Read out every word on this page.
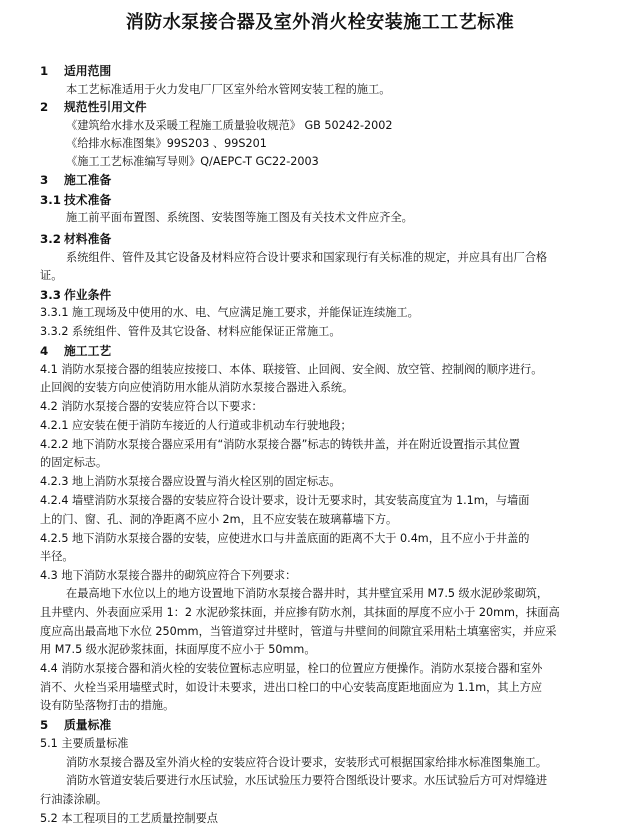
消防水泵接合器及室外消火栓安装施工工艺标准
1 适用范围
本工艺标准适用于火力发电厂厂区室外给水管网安装工程的施工。
2 规范性引用文件
《建筑给水排水及采暖工程施工质量验收规范》 GB 50242-2002
《给排水标准图集》99S203 、99S201
《施工工艺标准编写导则》Q/AEPC-T GC22-2003
3 施工准备
3.1 技术准备
施工前平面布置图、系统图、安装图等施工图及有关技术文件应齐全。
3.2 材料准备
系统组件、管件及其它设备及材料应符合设计要求和国家现行有关标准的规定，并应具有出厂合格
证。
3.3 作业条件
3.3.1 施工现场及中使用的水、电、气应满足施工要求，并能保证连续施工。
3.3.2 系统组件、管件及其它设备、材料应能保证正常施工。
4 施工工艺
4.1 消防水泵接合器的组装应按接口、本体、联接管、止回阀、安全阀、放空管、控制阀的顺序进行。
止回阀的安装方向应使消防用水能从消防水泵接合器进入系统。
4.2 消防水泵接合器的安装应符合以下要求：
4.2.1 应安装在便于消防车接近的人行道或非机动车行驶地段；
4.2.2 地下消防水泵接合器应采用有“消防水泵接合器”标志的铸铁井盖，并在附近设置指示其位置
的固定标志。
4.2.3 地上消防水泵接合器应设置与消火栓区别的固定标志。
4.2.4 墙壁消防水泵接合器的安装应符合设计要求，设计无要求时，其安装高度宜为 1.1m，与墙面
上的门、窗、孔、洞的净距离不应小 2m，且不应安装在玻璃幕墙下方。
4.2.5 地下消防水泵接合器的安装，应使进水口与井盖底面的距离不大于 0.4m，且不应小于井盖的
半径。
4.3 地下消防水泵接合器井的砌筑应符合下列要求：
在最高地下水位以上的地方设置地下消防水泵接合器井时，其井壁宜采用 M7.5 级水泥砂浆砌筑，
且井壁内、外表面应采用 1：2 水泥砂浆抹面，并应掺有防水剂，其抹面的厚度不应小于 20mm，抹面高
度应高出最高地下水位 250mm，当管道穿过井壁时，管道与井壁间的间隙宜采用粘土填塞密实，并应采
用 M7.5 级水泥砂浆抹面，抹面厚度不应小于 50mm。
4.4 消防水泵接合器和消火栓的安装位置标志应明显，栓口的位置应方便操作。消防水泵接合器和室外
消不、火栓当采用墙壁式时，如设计未要求，进出口栓口的中心安装高度距地面应为 1.1m，其上方应
设有防坠落物打击的措施。
5 质量标准
5.1 主要质量标准
消防水泵接合器及室外消火栓的安装应符合设计要求，安装形式可根据国家给排水标准图集施工。
消防水管道安装后要进行水压试验，水压试验压力要符合图纸设计要求。水压试验后方可对焊缝进
行油漆涂刷。
5.2 本工程项目的工艺质量控制要点
